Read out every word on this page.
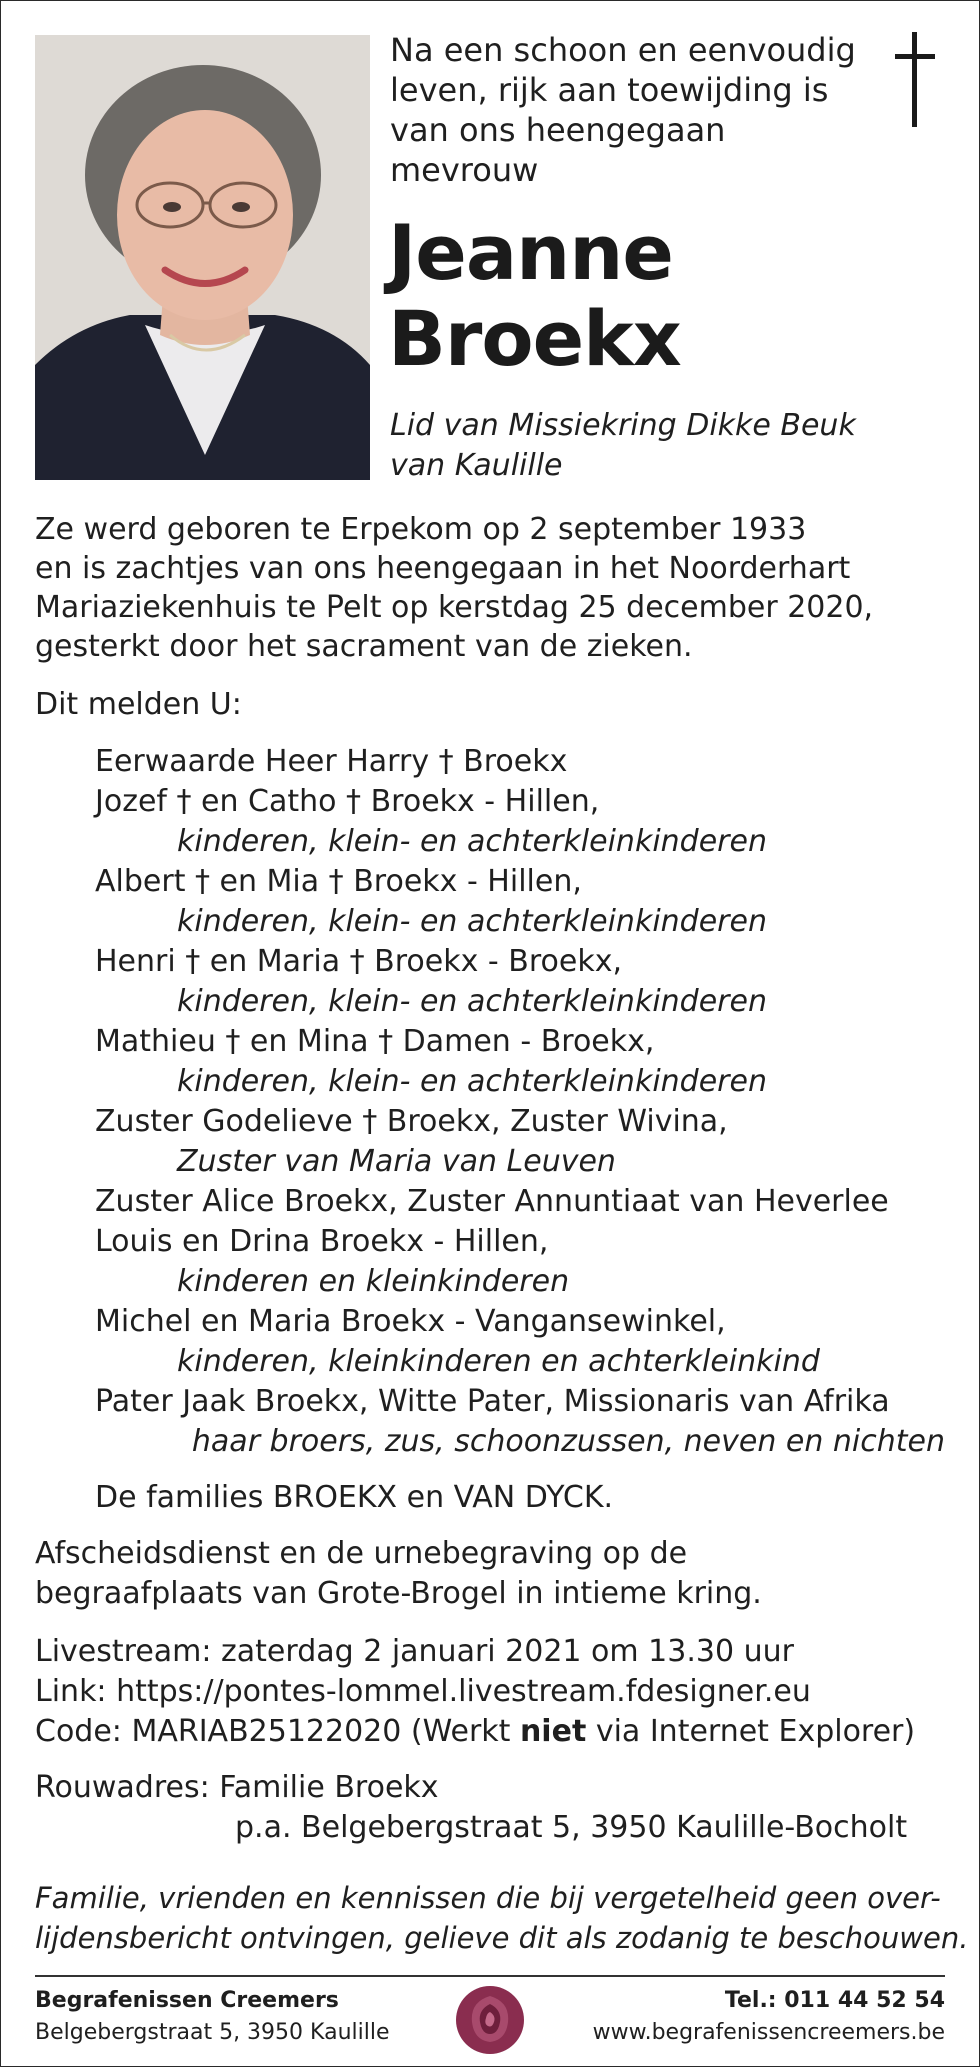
Na een schoon en eenvoudig
leven, rijk aan toewijding is
van ons heengegaan
mevrouw
Jeanne
Broekx
Lid van Missiekring Dikke Beuk
van Kaulille
Ze werd geboren te Erpekom op 2 september 1933
en is zachtjes van ons heengegaan in het Noorderhart
Mariaziekenhuis te Pelt op kerstdag 25 december 2020,
gesterkt door het sacrament van de zieken.
Dit melden U:
Eerwaarde Heer Harry † Broekx
Jozef † en Catho † Broekx - Hillen,
kinderen, klein- en achterkleinkinderen
Albert † en Mia † Broekx - Hillen,
kinderen, klein- en achterkleinkinderen
Henri † en Maria † Broekx - Broekx,
kinderen, klein- en achterkleinkinderen
Mathieu † en Mina † Damen - Broekx,
kinderen, klein- en achterkleinkinderen
Zuster Godelieve † Broekx, Zuster Wivina,
Zuster van Maria van Leuven
Zuster Alice Broekx, Zuster Annuntiaat van Heverlee
Louis en Drina Broekx - Hillen,
kinderen en kleinkinderen
Michel en Maria Broekx - Vangansewinkel,
kinderen, kleinkinderen en achterkleinkind
Pater Jaak Broekx, Witte Pater, Missionaris van Afrika
haar broers, zus, schoonzussen, neven en nichten
De families BROEKX en VAN DYCK.
Afscheidsdienst en de urnebegraving op de
begraafplaats van Grote-Brogel in intieme kring.
Livestream: zaterdag 2 januari 2021 om 13.30 uur
Link: https://pontes-lommel.livestream.fdesigner.eu
Code: MARIAB25122020 (Werkt niet via Internet Explorer)
Rouwadres: Familie Broekx
p.a. Belgebergstraat 5, 3950 Kaulille-Bocholt
Familie, vrienden en kennissen die bij vergetelheid geen over-
lijdensbericht ontvingen, gelieve dit als zodanig te beschouwen.
Begrafenissen Creemers
Belgebergstraat 5, 3950 Kaulille
Tel.: 011 44 52 54
www.begrafenissencreemers.be
